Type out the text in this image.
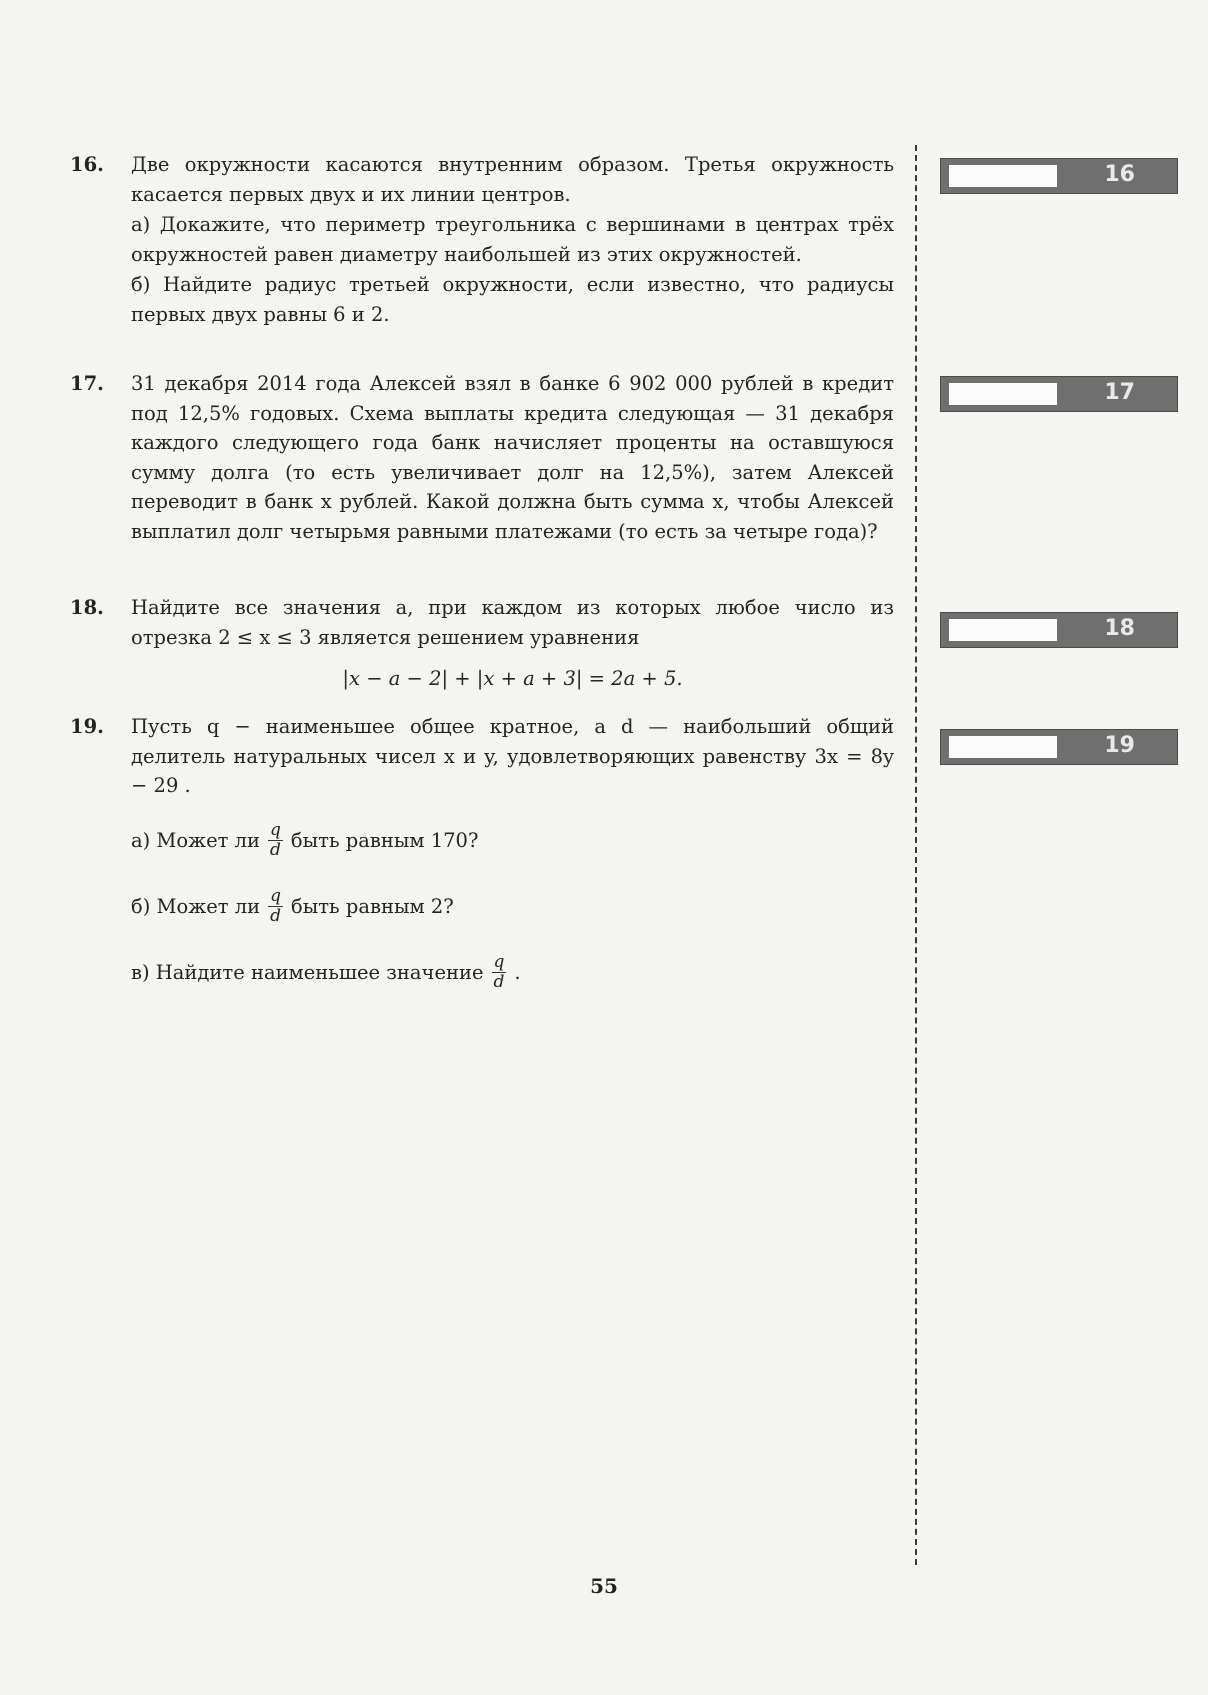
16. Две окружности касаются внутренним образом. Третья окружность касается первых двух и их линии центров.

а) Докажите, что периметр треугольника с вершинами в центрах трёх окружностей равен диаметру наибольшей из этих окружностей.

б) Найдите радиус третьей окружности, если известно, что радиусы первых двух равны 6 и 2.

17. 31 декабря 2014 года Алексей взял в банке 6 902 000 рублей в кредит под 12,5% годовых. Схема выплаты кредита следующая — 31 декабря каждого следующего года банк начисляет проценты на оставшуюся сумму долга (то есть увеличивает долг на 12,5%), затем Алексей переводит в банк x рублей. Какой должна быть сумма x, чтобы Алексей выплатил долг четырьмя равными платежами (то есть за четыре года)?

18. Найдите все значения a, при каждом из которых любое число из отрезка 2 ≤ x ≤ 3 является решением уравнения

|x − a − 2| + |x + a + 3| = 2a + 5.
19. Пусть q − наименьшее общее кратное, а d — наибольший общий делитель натуральных чисел x и y, удовлетворяющих равенству 3x = 8y − 29 .

а) Может ли $\frac{q}{d}$ быть равным 170?
б) Может ли $\frac{q}{d}$ быть равным 2?
в) Найдите наименьшее значение $\frac{q}{d}$ .
16
17
18
19
55
